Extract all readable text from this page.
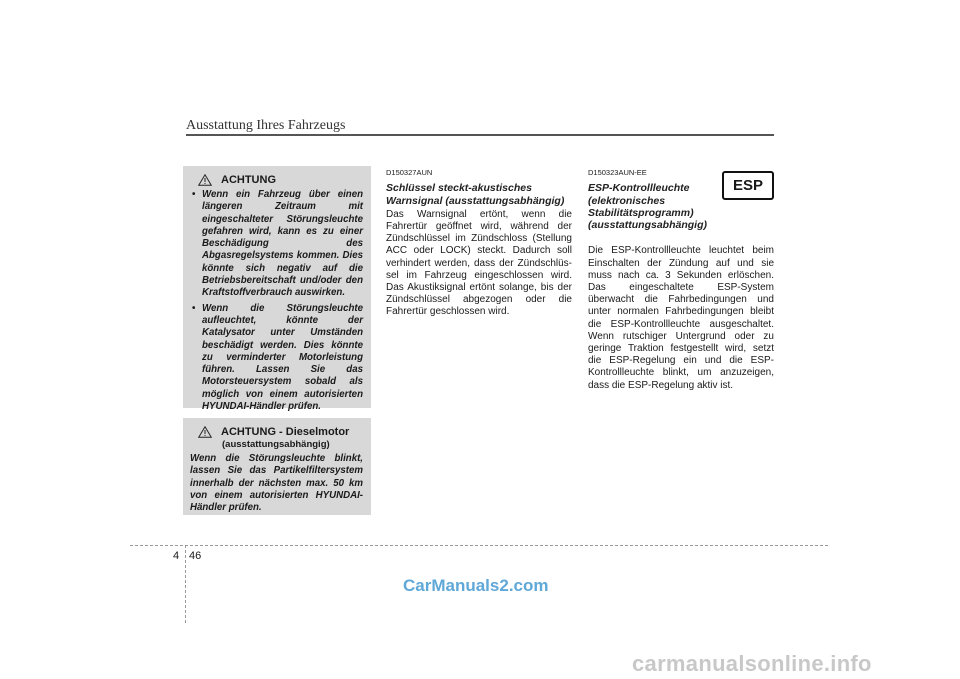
Ausstattung Ihres Fahrzeugs
ACHTUNG
• Wenn ein Fahrzeug über einen längeren Zeitraum mit eingeschalteter Störungsleuchte gefahren wird, kann es zu einer Beschädigung des Abgasregelsystems kommen. Dies könnte sich negativ auf die Betriebsbereitschaft und/oder den Kraftstoffverbrauch auswirken.
• Wenn die Störungsleuchte aufleuchtet, könnte der Katalysator unter Umständen beschädigt werden. Dies könnte zu verminderter Motorleistung führen. Lassen Sie das Motorsteuersystem sobald als möglich von einem autorisierten HYUNDAI-Händler prüfen.
ACHTUNG - Dieselmotor
(ausstattungsabhängig)
Wenn die Störungsleuchte blinkt, lassen Sie das Partikelfiltersystem innerhalb der nächsten max. 50 km von einem autorisierten HYUNDAI-Händler prüfen.
D150327AUN
Schlüssel steckt-akustisches Warnsignal (ausstattungsabhängig)
Das Warnsignal ertönt, wenn die Fahrertür geöffnet wird, während der Zündschlüssel im Zündschloss (Stellung ACC oder LOCK) steckt. Dadurch soll verhindert werden, dass der Zündschlüs-sel im Fahrzeug eingeschlossen wird. Das Akustiksignal ertönt solange, bis der Zündschlüssel abgezogen oder die Fahrertür geschlossen wird.
D150323AUN-EE
ESP-Kontrollleuchte (elektronisches Stabilitätsprogramm) (ausstattungsabhängig)
Die ESP-Kontrollleuchte leuchtet beim Einschalten der Zündung auf und sie muss nach ca. 3 Sekunden erlöschen. Das eingeschaltete ESP-System überwacht die Fahrbedingungen und unter normalen Fahrbedingungen bleibt die ESP-Kontrollleuchte ausgeschaltet. Wenn rutschiger Untergrund oder zu geringe Traktion festgestellt wird, setzt die ESP-Regelung ein und die ESP-Kontrollleuchte blinkt, um anzuzeigen, dass die ESP-Regelung aktiv ist.
ESP
4 46
CarManuals2.com
carmanualsonline.info
